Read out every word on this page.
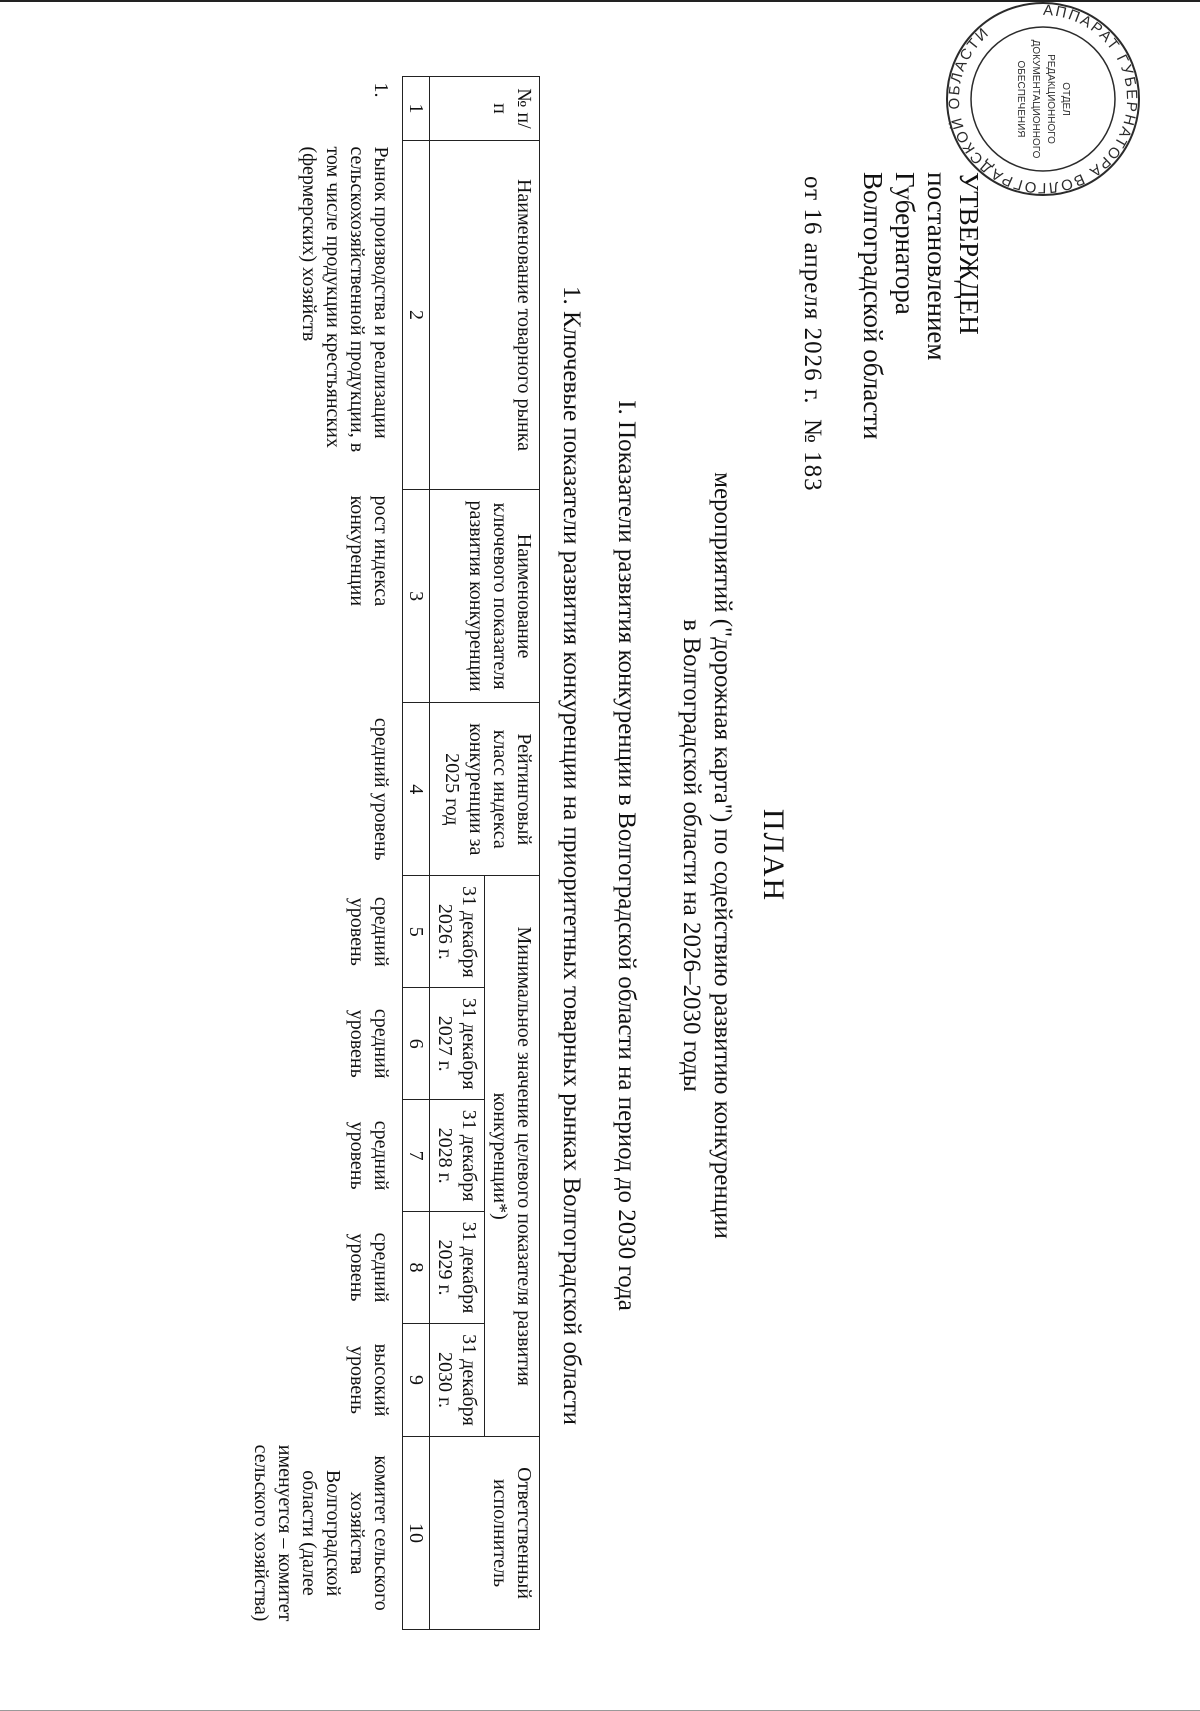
УТВЕРЖДЕН
постановлением
Губернатора
Волгоградской области
от 16 апреля 2026 г.  № 183
АППАРАТ ГУБЕРНАТОРА ВОЛГОГРАДСКОЙ ОБЛАСТИ
ОТДЕЛ
РЕДАКЦИОННОГО
ДОКУМЕНТАЦИОННОГО
ОБЕСПЕЧЕНИЯ
ПЛАН
мероприятий ("дорожная карта") по содействию развитию конкуренции
в Волгоградской области на 2026–2030 годы
I. Показатели развития конкуренции в Волгоградской области на период до 2030 года
1. Ключевые показатели развития конкуренции на приоритетных товарных рынках Волгоградской области
№ п/п	Наименование товарного рынка	Наименование ключевого показателя развития конкуренции	Рейтинговый класс индекса конкуренции за 2025 год	Минимальное значение целевого показателя развития конкуренции*)					Ответственный исполнитель
				31 декабря 2026 г.	31 декабря 2027 г.	31 декабря 2028 г.	31 декабря 2029 г.	31 декабря 2030 г.	
1	2	3	4	5	6	7	8	9	10
1.	Рынок производства и реализации сельскохозяйственной продукции, в том числе продукции крестьянских (фермерских) хозяйств	рост индекса конкуренции	средний уровень	средний уровень	средний уровень	средний уровень	средний уровень	высокий уровень	комитет сельского хозяйства Волгоградской области (далее именуется – комитет сельского хозяйства)
